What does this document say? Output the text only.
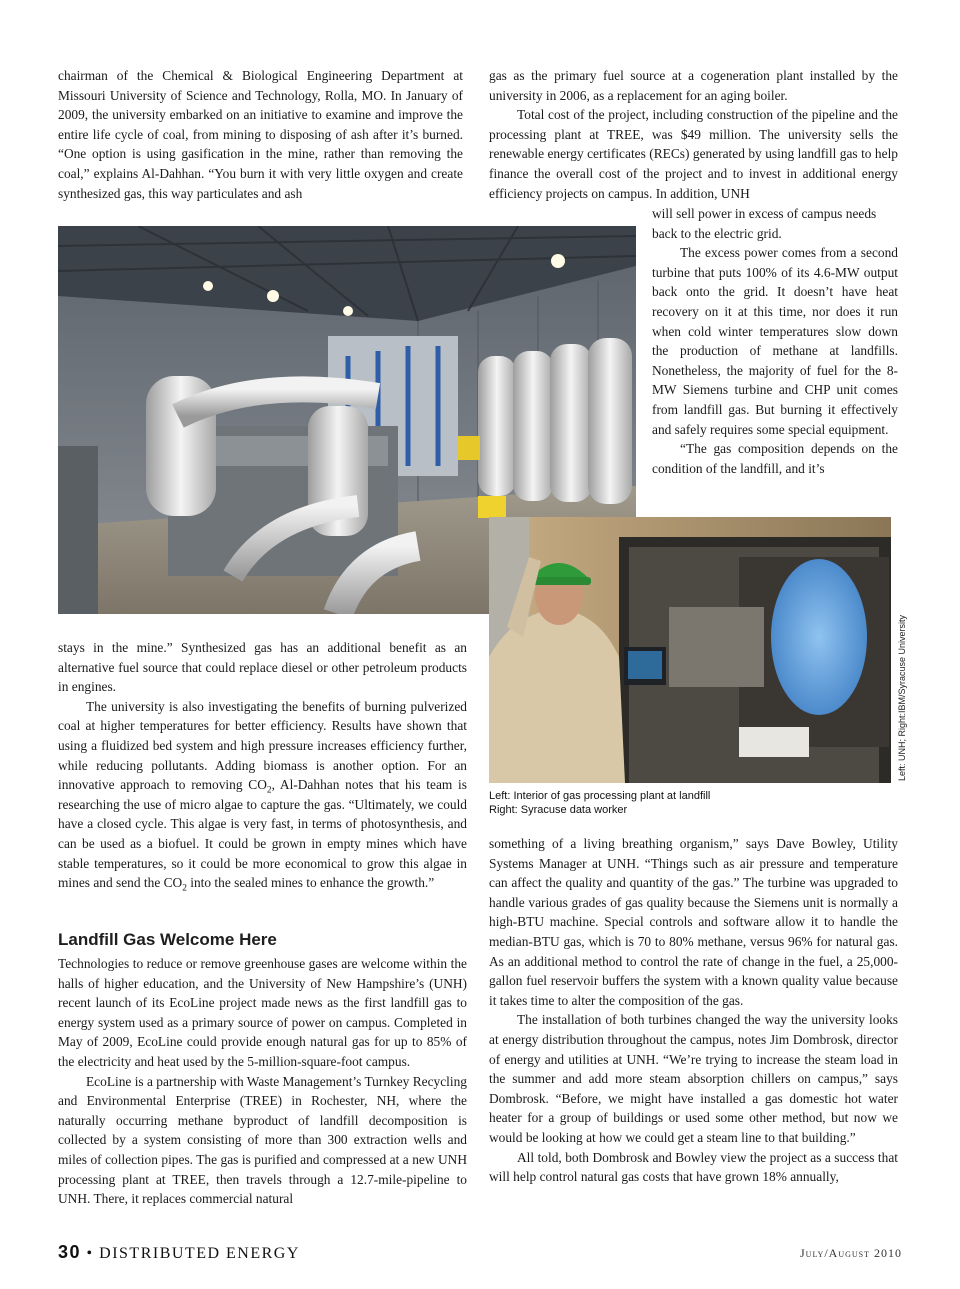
chairman of the Chemical & Biological Engineering Department at Missouri University of Science and Technology, Rolla, MO. In January of 2009, the university embarked on an initiative to examine and improve the entire life cycle of coal, from mining to disposing of ash after it’s burned. “One option is using gasification in the mine, rather than removing the coal,” explains Al-Dahhan. “You burn it with very little oxygen and create synthesized gas, this way particulates and ash

gas as the primary fuel source at a cogeneration plant installed by the university in 2006, as a replacement for an aging boiler.

Total cost of the project, including construction of the pipeline and the processing plant at TREE, was $49 million. The university sells the renewable energy certificates (RECs) generated by using landfill gas to help finance the overall cost of the project and to invest in additional energy efficiency projects on campus. In addition, UNH

will sell power in excess of campus needs back to the electric grid.

The excess power comes from a second turbine that puts 100% of its 4.6-MW output back onto the grid. It doesn’t have heat recovery on it at this time, nor does it run when cold winter temperatures slow down the production of methane at landfills. Nonetheless, the majority of fuel for the 8-MW Siemens turbine and CHP unit comes from landfill gas. But burning it effectively and safely requires some special equipment.

“The gas composition depends on the condition of the landfill, and it’s

Left: UNH; Right:IBM/Syracuse University

Left: Interior of gas processing plant at landfill
Right: Syracuse data worker

stays in the mine.” Synthesized gas has an additional benefit as an alternative fuel source that could replace diesel or other petroleum products in engines.

The university is also investigating the benefits of burning pulverized coal at higher temperatures for better efficiency. Results have shown that using a fluidized bed system and high pressure increases efficiency further, while reducing pollutants. Adding biomass is another option. For an innovative approach to removing $CO_2$, Al-Dahhan notes that his team is researching the use of micro algae to capture the gas. “Ultimately, we could have a closed cycle. This algae is very fast, in terms of photosynthesis, and can be used as a biofuel. It could be grown in empty mines which have stable temperatures, so it could be more economical to grow this algae in mines and send the $CO_2$ into the sealed mines to enhance the growth.”

Landfill Gas Welcome Here

Technologies to reduce or remove greenhouse gases are welcome within the halls of higher education, and the University of New Hampshire’s (UNH) recent launch of its EcoLine project made news as the first landfill gas to energy system used as a primary source of power on campus. Completed in May of 2009, EcoLine could provide enough natural gas for up to 85% of the electricity and heat used by the 5-million-square-foot campus.

EcoLine is a partnership with Waste Management’s Turnkey Recycling and Environmental Enterprise (TREE) in Rochester, NH, where the naturally occurring methane byproduct of landfill decomposition is collected by a system consisting of more than 300 extraction wells and miles of collection pipes. The gas is purified and compressed at a new UNH processing plant at TREE, then travels through a 12.7-mile-pipeline to UNH. There, it replaces commercial natural

something of a living breathing organism,” says Dave Bowley, Utility Systems Manager at UNH. “Things such as air pressure and temperature can affect the quality and quantity of the gas.” The turbine was upgraded to handle various grades of gas quality because the Siemens unit is normally a high-BTU machine. Special controls and software allow it to handle the median-BTU gas, which is 70 to 80% methane, versus 96% for natural gas. As an additional method to control the rate of change in the fuel, a 25,000-gallon fuel reservoir buffers the system with a known quality value because it takes time to alter the composition of the gas.

The installation of both turbines changed the way the university looks at energy distribution throughout the campus, notes Jim Dombrosk, director of energy and utilities at UNH. “We’re trying to increase the steam load in the summer and add more steam absorption chillers on campus,” says Dombrosk. “Before, we might have installed a gas domestic hot water heater for a group of buildings or used some other method, but now we would be looking at how we could get a steam line to that building.”

All told, both Dombrosk and Bowley view the project as a success that will help control natural gas costs that have grown 18% annually,

30 • DISTRIBUTED ENERGY	July/August 2010
